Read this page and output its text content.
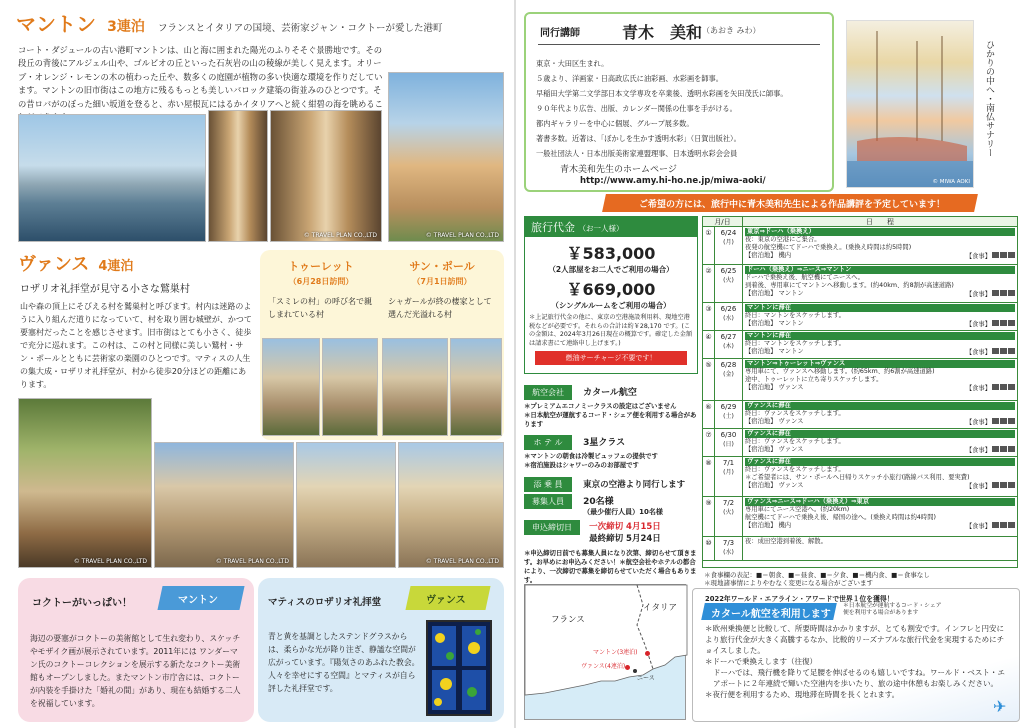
マントン 3連泊 フランスとイタリアの国境、芸術家ジャン・コクトーが愛した港町
コート・ダジュールの古い港町マントンは、山と海に囲まれた陽光のふりそそぐ景勝地です。その段丘の背後にアルジェル山や、ゴルビオの丘といった石灰岩の山の稜線が美しく見えます。オリーブ・オレンジ・レモンの木の植わった丘や、数多くの庭園が植物の多い快適な環境を作りだしています。マントンの旧市街はこの地方に残るもっとも美しいバロック建築の街並みのひとつです。その昔ロバがのぼった細い坂道を登ると、赤い屋根瓦にはるかイタリアへと続く紺碧の海を眺めるこ
© TRAVEL PLAN CO.,LTD	© TRAVEL PLAN CO.,LTD
ヴァンス 4連泊
ロザリオ礼拝堂が見守る小さな鷲巣村
山や森の頂上にそびえる村を鷲巣村と呼びます。村内は迷路のように入り組んだ道りになっていて、村を取り囲む城壁が、かつて要塞村だったことを感じさせます。旧市街はとても小さく、徒歩で充分に巡れます。この村は、この村と同様に美しい鷲村・サン・ポールとともに芸術家の楽園のひとつです。マティスの人生の集大成・ロザリオ礼拝堂が、村から徒歩20分ほどの距離にあります。
トゥーレット
（6月28日訪問）
「スミレの村」の呼び名で親しまれている村
サン・ポール
（7月1日訪問）
シャガールが終の棲家として選んだ光溢れる村
© TRAVEL PLAN CO.,LTD	© TRAVEL PLAN CO.,LTD	© TRAVEL PLAN CO.,LTD
コクトーがいっぱい！	マントン
海辺の要塞がコクトーの美術館として生れ変わり、スケッチやモザイク画が展示されています。2011年には ワンダーマン氏のコクトーコレクションを展示する新たなコクトー美術館もオープンしました。またマントン市庁舎には、コクトーが内装を手掛けた「婚礼の間」があり、現在も結婚する二人を祝福しています。
マティスのロザリオ礼拝堂	ヴァンス
青と黄を基調としたステンドグラスからは、柔らかな光が降り注ぎ、静謐な空間が広がっています。『陽気さのあふれた教会。人々を幸せにする空間』とマティスが自ら評した礼拝堂です。
同行講師	青木　美和 （あおき みわ）
東京・大田区生まれ。
５歳より、洋画家・日高政広氏に油彩画、水彩画を師事。
早稲田大学第二文学部日本文学専攻を卒業後、透明水彩画を矢田茂氏に師事。
９０年代より広告、出版、カレンダー関係の仕事を手がける。
都内ギャラリーを中心に個展、グループ展多数。
著書多数。近著は、「ぼかしを生かす透明水彩」（日賀出版社）。
一般社団法人・日本出版美術家連盟理事、日本透明水彩会会員
青木美和先生のホームページ
http://www.amy.hi-ho.ne.jp/miwa-aoki/	© MIWA AOKI
ひかりの中へ・南仏サナリー
ご希望の方には、旅行中に青木美和先生による作品講評を予定しています！
旅行代金 （お一人様）
￥583,000
（2人部屋をお二人でご利用の場合）
￥669,000
（シングルルームをご利用の場合）
＊上記旅行代金の他に、東京の空港施設利用料、現地空港税などが必要です。それらの合計は約￥28,170 です。(この金額は、2024年3月26日現在の概算です。確定した金額は請求書にて連絡申し上げます。)
燃油サーチャージ不要です！
航空会社 カタール航空
＊プレミアムエコノミークラスの設定はございません
＊日本航空が運航するコード・シェア便を利用する場合があります
ホ テ ル 3星クラス
＊マントンの朝食は冷製ビュッフェの提供です
＊宿泊施設はシャワーのみのお部屋です
添 乗 員 東京の空港より同行します
募集人員 20名様
（最少催行人員）10名様
申込締切日 一次締切 4月15日
最終締切 5月24日
＊申込締切日前でも募集人員になり次第、締切らせて頂きます。お早めにお申込みください！＊航空会社やホテルの都合により、一次締切で募集を締切らせていただく場合もあります。
フランス
イタリア
マントン(3連泊)
ヴァンス(4連泊)
ニース
月/日	日　　程
①	6/24
(月)
東京⇒ドーハ（乗換え）
夜：東京の空港にご集合。
夜発の航空機にてドーハで乗換え。(乗換え時間は約5時間)
【宿泊地】 機内	【食事】
②	6/25
(火)
ドーハ（乗換え）⇒ニース⇒マントン
ドーハで乗換え後、航空機にてニースへ。
到着後、専用車にてマントンへ移動します。(約40km、約8割が高速道路)
【宿泊地】 マントン	【食事】
③	6/26
(水)
マントンに滞在
終日：マントンをスケッチします。
【宿泊地】 マントン	【食事】
④	6/27
(木)
マントンに滞在
終日：マントンをスケッチします。
【宿泊地】 マントン	【食事】
⑤	6/28
(金)
マントン⇒トゥーレット⇒ヴァンス
専用車にて、ヴァンスへ移動します。(約65km、約6割が高速道路)
途中、トゥーレットに立ち寄りスケッチします。
【宿泊地】 ヴァンス	【食事】
⑥	6/29
(土)
ヴァンスに滞在
終日：ヴァンスをスケッチします。
【宿泊地】 ヴァンス	【食事】
⑦	6/30
(日)
ヴァンスに滞在
終日：ヴァンスをスケッチします。
【宿泊地】 ヴァンス	【食事】
⑧	7/1
(月)
ヴァンスに滞在
終日：ヴァンスをスケッチします。
＊ご希望者には、サン・ポールへ日帰りスケッチ小旅行(路線バス利用、要実費)
【宿泊地】 ヴァンス	【食事】
⑨	7/2
(火)
ヴァンス⇒ニース⇒ドーハ（乗換え）⇒東京
専用車にてニース空港へ。(約20km)
航空機にてドーハで乗換え後、帰国の途へ。(乗換え時間は約4時間)
【宿泊地】 機内	【食事】
⑩	7/3
(水)
夜：成田空港到着後、解散。
＊食事欄の表記：■＝朝食、■＝昼食、■＝夕食、■＝機内食、■＝食事なし
＊現地諸事情によりやむなく変更になる場合がございます
2022年ワールド・エアライン・アワードで世界１位を獲得！
カタール航空を利用します
＊日本航空が運航するコード・シェア便を利用する場合があります
＊欧州乗換便と比較して、所要時間はかかりますが、とても割安です。インフレと円安により旅行代金が大きく高騰するなか、比較的リーズナブルな旅行代金を実現するためにチョイスしました。
＊ドーハで乗換えします（往復）
ドーハでは、飛行機を降りて足腰を伸ばせるのも嬉しいですね。ワールド・ベスト・エアポートに２年連続で輝いた空港内を歩いたり、旅の途中休憩もお楽しみください。
＊夜行便を利用するため、現地滞在時間を長くとれます。
✈
